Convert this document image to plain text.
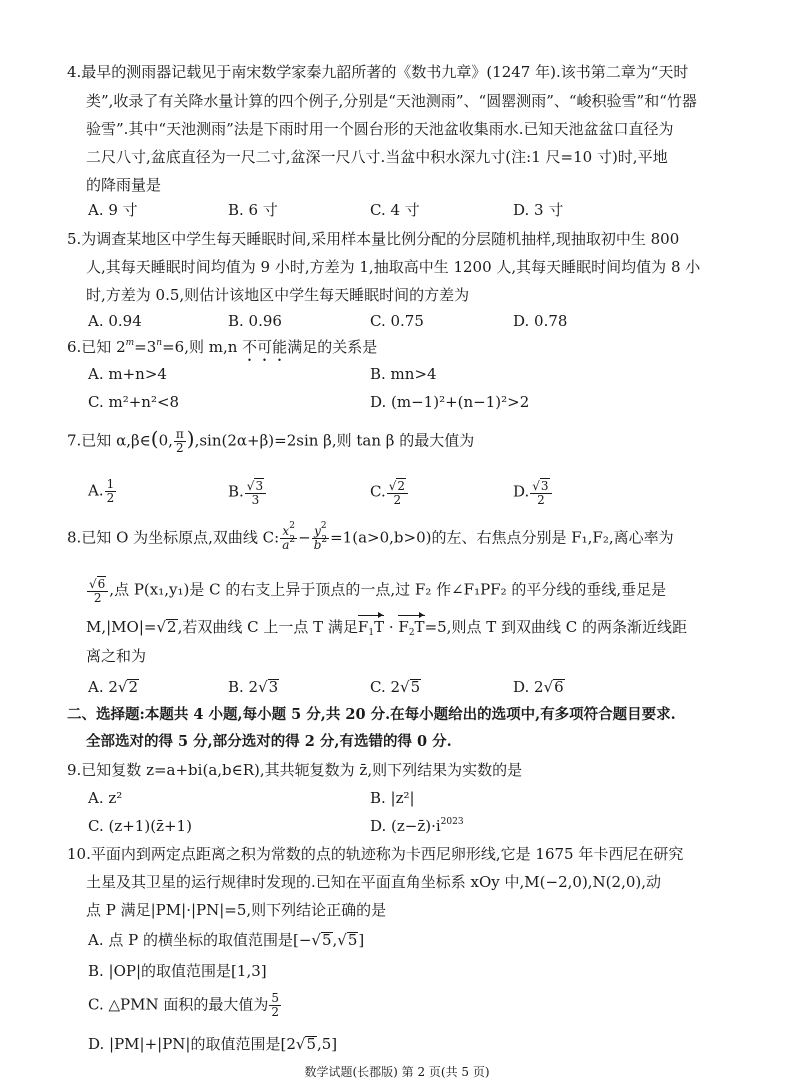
4.最早的测雨器记载见于南宋数学家秦九韶所著的《数书九章》(1247 年).该书第二章为“天时
类”,收录了有关降水量计算的四个例子,分别是“天池测雨”、“圆罂测雨”、“峻积验雪”和“竹器
验雪”.其中“天池测雨”法是下雨时用一个圆台形的天池盆收集雨水.已知天池盆盆口直径为
二尺八寸,盆底直径为一尺二寸,盆深一尺八寸.当盆中积水深九寸(注:1 尺=10 寸)时,平地
的降雨量是
A. 9 寸	B. 6 寸	C. 4 寸	D. 3 寸
5.为调查某地区中学生每天睡眠时间,采用样本量比例分配的分层随机抽样,现抽取初中生 800
人,其每天睡眠时间均值为 9 小时,方差为 1,抽取高中生 1200 人,其每天睡眠时间均值为 8 小
时,方差为 0.5,则估计该地区中学生每天睡眠时间的方差为
A. 0.94	B. 0.96	C. 0.75	D. 0.78
6.已知 $2^m=3^n=6$,则 m,n 不可能满足的关系是
A. m+n>4	B. mn>4
C. m²+n²<8	D. (m−1)²+(n−1)²>2
7.已知 α,β∈(0, $\frac{\pi}{2} ),\sin(2\alpha+\beta)=2\sin$ β,则 tan β 的最大值为
A. $\frac{1}{2}$	B. $\frac{√3}{3}$	C. $\frac{√2}{2}$	D. $\frac{√3}{2}$
8.已知 O 为坐标原点,双曲线 C: $\frac{x^2}{a^2} - \frac{y^2}{b^2} =1(a>0,b>0)$的左、右焦点分别是 F₁,F₂,离心率为
$\frac{√6}{2}$ ,点 P(x₁,y₁)是 C 的右支上异于顶点的一点,过 F₂ 作∠F₁PF₂ 的平分线的垂线,垂足是
M,|MO|=√2,若双曲线 C 上一点 T 满足$F_1T \cdot F_2T=5$,则点 T 到双曲线 C 的两条渐近线距
离之和为
A. 2√2	B. 2√3	C. 2√5	D. 2√6
二、选择题:本题共 4 小题,每小题 5 分,共 20 分.在每小题给出的选项中,有多项符合题目要求.
全部选对的得 5 分,部分选对的得 2 分,有选错的得 0 分.
9.已知复数 z=a+bi(a,b∈R),其共轭复数为 z̄,则下列结果为实数的是
A. z²	B. |z²|
C. (z+1)(z̄+1)	D. $(z-z̄)\cdot i^{2023}$
10.平面内到两定点距离之积为常数的点的轨迹称为卡西尼卵形线,它是 1675 年卡西尼在研究
土星及其卫星的运行规律时发现的.已知在平面直角坐标系 xOy 中,M(−2,0),N(2,0),动
点 P 满足|PM|·|PN|=5,则下列结论正确的是
A. 点 P 的横坐标的取值范围是[−√5,√5]
B. |OP|的取值范围是[1,3]
C. △PMN 面积的最大值为 $\frac{5}{2}$
D. |PM|+|PN|的取值范围是[2√5,5]
数学试题(长郡版) 第 2 页(共 5 页)
